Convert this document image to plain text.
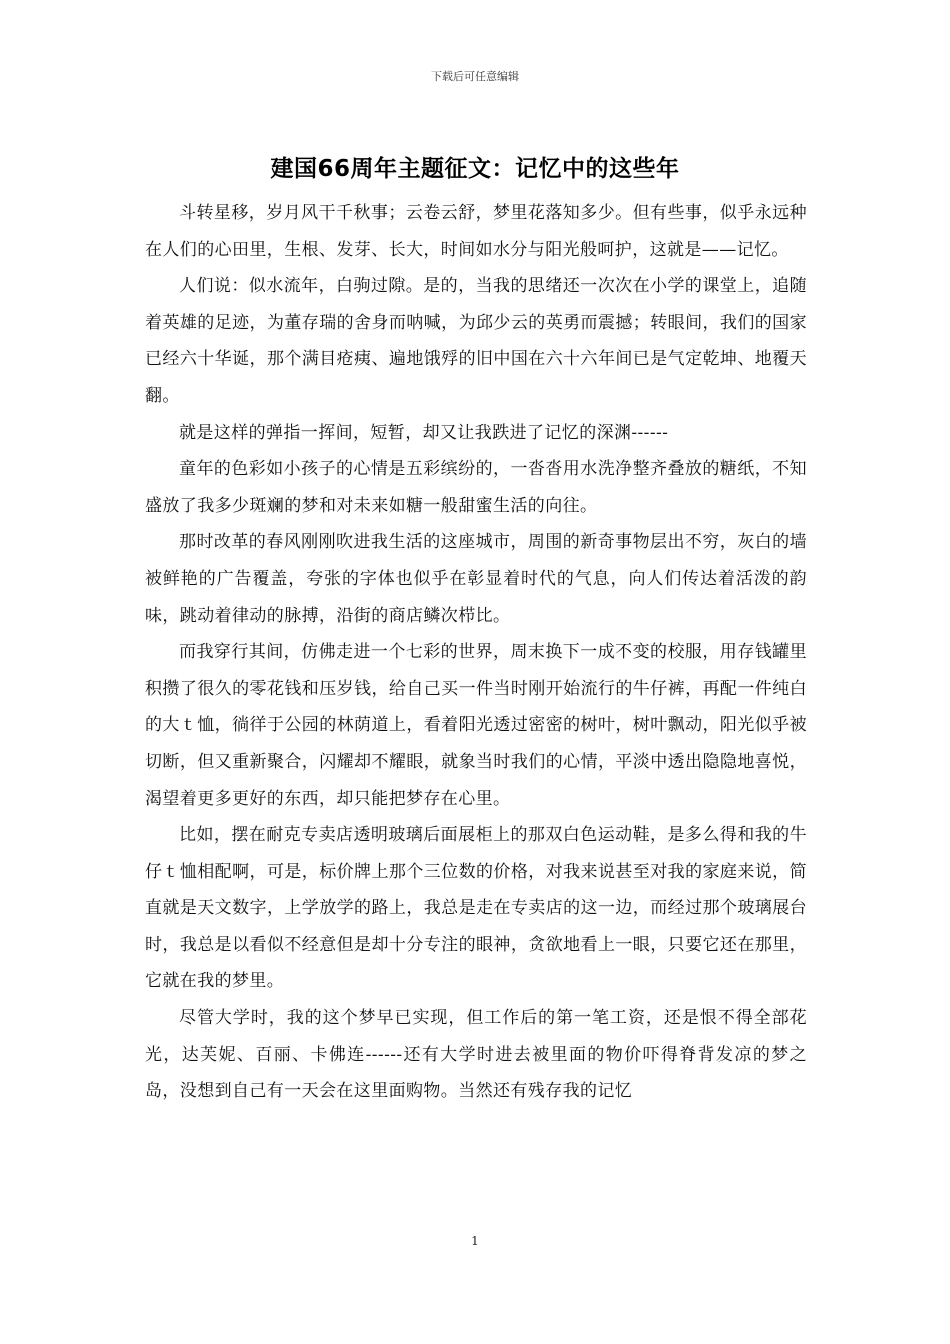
下载后可任意编辑
建国66周年主题征文：记忆中的这些年

斗转星移，岁月风干千秋事；云卷云舒，梦里花落知多少。但有些事，似乎永远种在人们的心田里，生根、发芽、长大，时间如水分与阳光般呵护，这就是——记忆。

人们说：似水流年，白驹过隙。是的，当我的思绪还一次次在小学的课堂上，追随着英雄的足迹，为董存瑞的舍身而呐喊，为邱少云的英勇而震撼；转眼间，我们的国家已经六十华诞，那个满目疮痍、遍地饿殍的旧中国在六十六年间已是气定乾坤、地覆天翻。

就是这样的弹指一挥间，短暂，却又让我跌进了记忆的深渊------

童年的色彩如小孩子的心情是五彩缤纷的，一沓沓用水洗净整齐叠放的糖纸，不知盛放了我多少斑斓的梦和对未来如糖一般甜蜜生活的向往。

那时改革的春风刚刚吹进我生活的这座城市，周围的新奇事物层出不穷，灰白的墙被鲜艳的广告覆盖，夸张的字体也似乎在彰显着时代的气息，向人们传达着活泼的韵味，跳动着律动的脉搏，沿街的商店鳞次栉比。

而我穿行其间，仿佛走进一个七彩的世界，周末换下一成不变的校服，用存钱罐里积攒了很久的零花钱和压岁钱，给自己买一件当时刚开始流行的牛仔裤，再配一件纯白的大ｔ恤，徜徉于公园的林荫道上，看着阳光透过密密的树叶，树叶飘动，阳光似乎被切断，但又重新聚合，闪耀却不耀眼，就象当时我们的心情，平淡中透出隐隐地喜悦，渴望着更多更好的东西，却只能把梦存在心里。

比如，摆在耐克专卖店透明玻璃后面展柜上的那双白色运动鞋，是多么得和我的牛仔ｔ恤相配啊，可是，标价牌上那个三位数的价格，对我来说甚至对我的家庭来说，简直就是天文数字，上学放学的路上，我总是走在专卖店的这一边，而经过那个玻璃展台时，我总是以看似不经意但是却十分专注的眼神，贪欲地看上一眼，只要它还在那里，它就在我的梦里。

尽管大学时，我的这个梦早已实现，但工作后的第一笔工资，还是恨不得全部花光，达芙妮、百丽、卡佛连------还有大学时进去被里面的物价吓得脊背发凉的梦之岛，没想到自己有一天会在这里面购物。当然还有残存我的记忆

1
